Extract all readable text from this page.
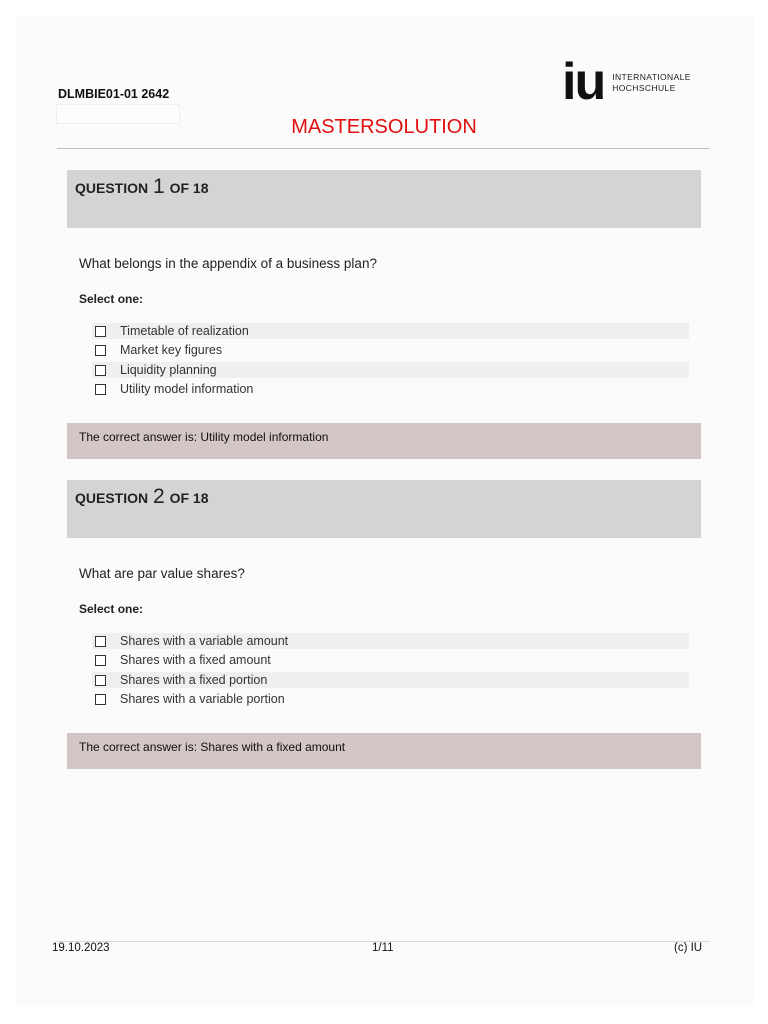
DLMBIE01-01 2642	iu INTERNATIONALE
HOCHSCHULE
MASTERSOLUTION
QUESTION 1 OF 18
What belongs in the appendix of a business plan?
Select one:
Timetable of realization
Market key figures
Liquidity planning
Utility model information
The correct answer is: Utility model information
QUESTION 2 OF 18
What are par value shares?
Select one:
Shares with a variable amount
Shares with a fixed amount
Shares with a fixed portion
Shares with a variable portion
The correct answer is: Shares with a fixed amount
19.10.2023	1/11	(c) IU
